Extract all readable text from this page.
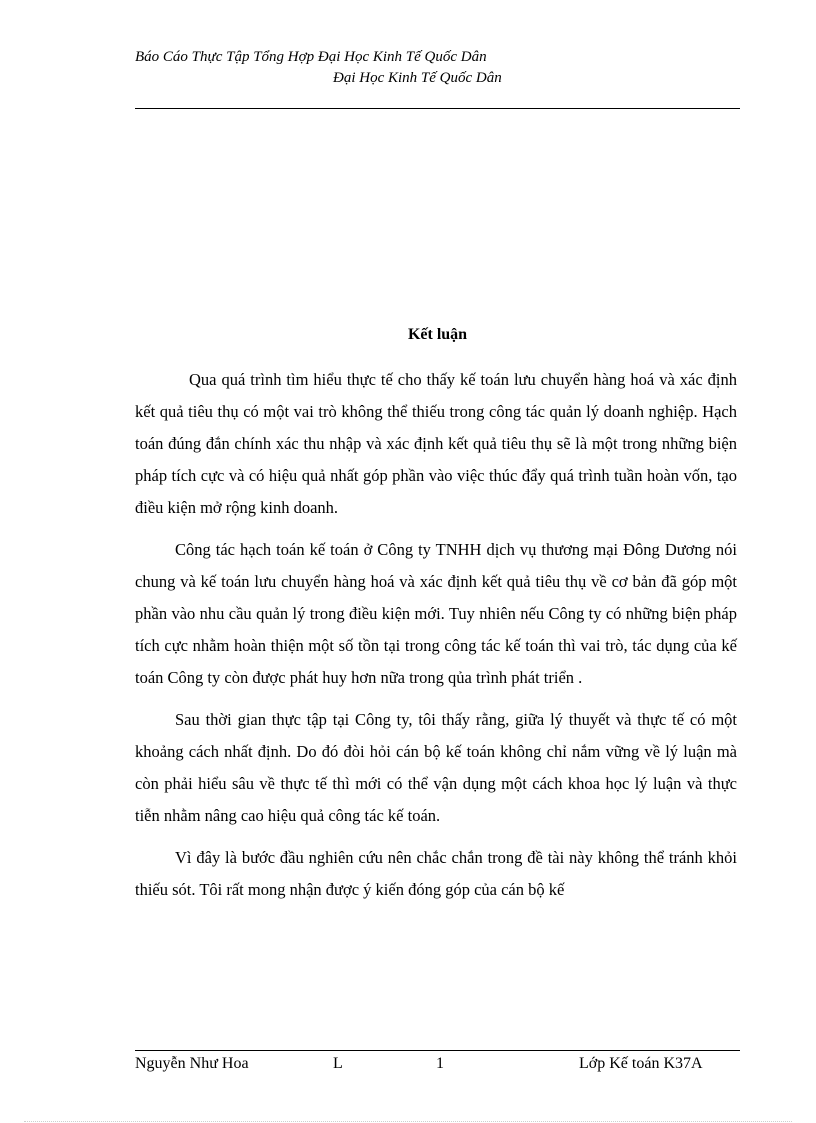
Báo Cáo Thực Tập Tổng Hợp Đại Học Kinh Tế Quốc Dân
Đại Học Kinh Tế Quốc Dân
Kết luận

Qua quá trình tìm hiểu thực tế cho thấy kế toán lưu chuyển hàng hoá và xác định kết quả tiêu thụ có một vai trò không thể thiếu trong công tác quản lý doanh nghiệp. Hạch toán đúng đắn chính xác thu nhập và xác định kết quả tiêu thụ sẽ là một trong những biện pháp tích cực và có hiệu quả nhất góp phần vào việc thúc đẩy quá trình tuần hoàn vốn, tạo điều kiện mở rộng kinh doanh.

Công tác hạch toán kế toán ở Công ty TNHH dịch vụ thương mại Đông Dương nói chung và kế toán lưu chuyển hàng hoá và xác định kết quả tiêu thụ về cơ bản đã góp một phần vào nhu cầu quản lý trong điều kiện mới. Tuy nhiên nếu Công ty có những biện pháp tích cực nhằm hoàn thiện một số tồn tại trong công tác kế toán thì vai trò, tác dụng của kế toán Công ty còn được phát huy hơn nữa trong qủa trình phát triển .

Sau thời gian thực tập tại Công ty, tôi thấy rằng, giữa lý thuyết và thực tế có một khoảng cách nhất định. Do đó đòi hỏi cán bộ kế toán không chỉ nắm vững về lý luận mà còn phải hiểu sâu về thực tế thì mới có thể vận dụng một cách khoa học lý luận và thực tiễn nhằm nâng cao hiệu quả công tác kế toán.

Vì đây là bước đầu nghiên cứu nên chắc chắn trong đề tài này không thể tránh khỏi thiếu sót. Tôi rất mong nhận được ý kiến đóng góp của cán bộ kế

Nguyễn Như Hoa	L	1	Lớp Kế toán K37A
